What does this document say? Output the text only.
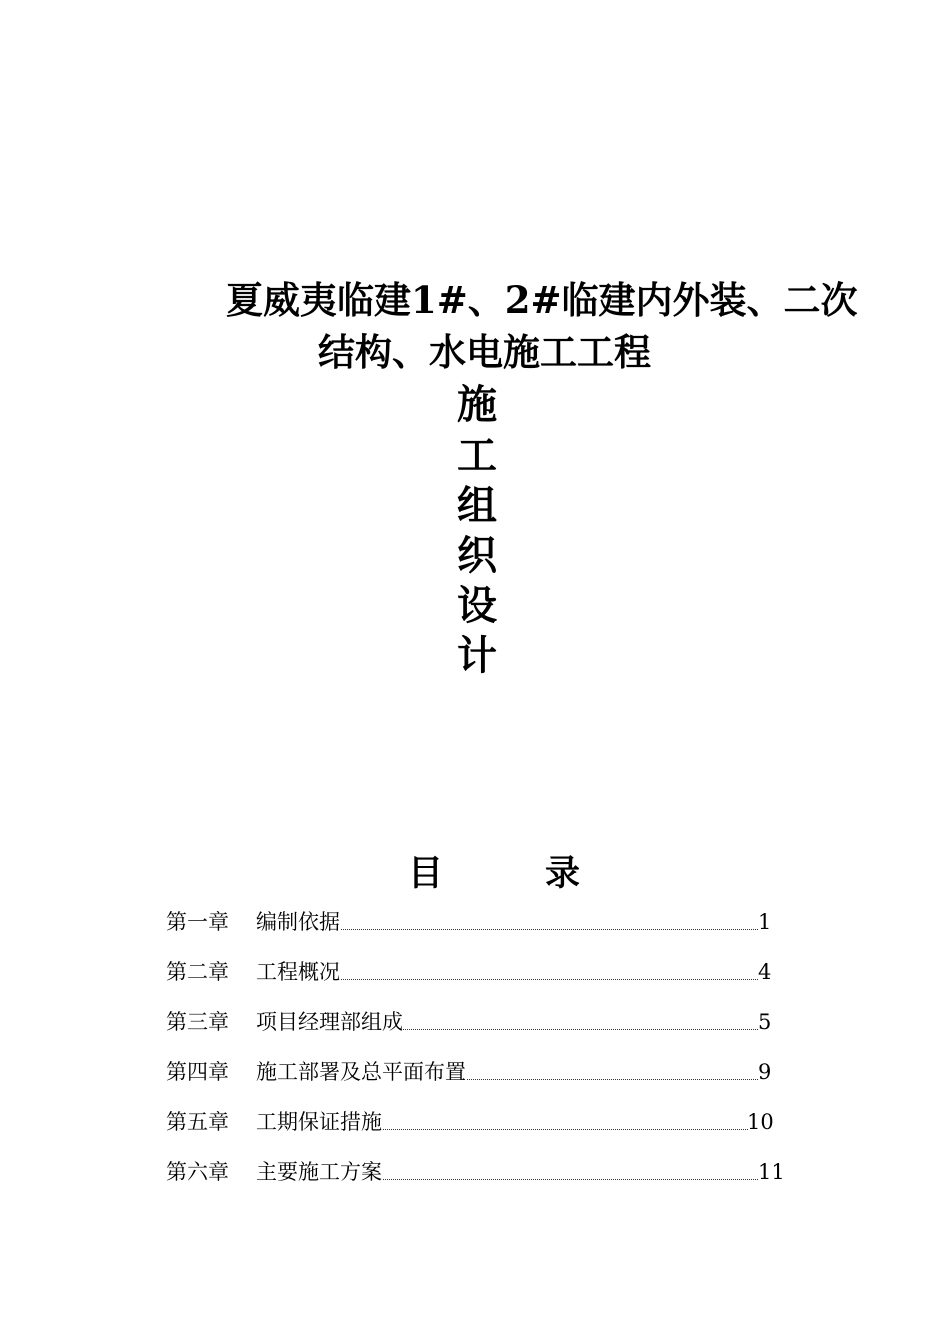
夏威夷临建1#、2#临建内外装、二次
结构、水电施工工程
施
工
组
织
设
计
目	录
第一章 编制依据	1
第二章 工程概况	4
第三章 项目经理部组成	5
第四章 施工部署及总平面布置	9
第五章 工期保证措施	10
第六章 主要施工方案	11
